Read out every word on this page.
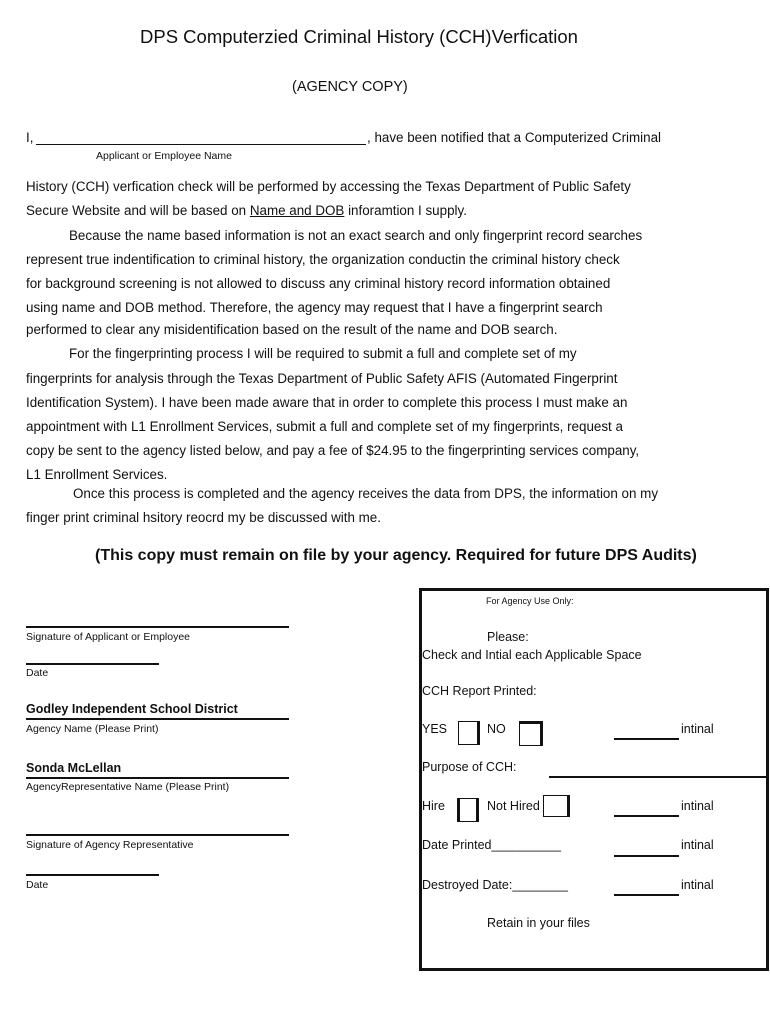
DPS Computerzied Criminal History (CCH)Verfication
(AGENCY COPY)
I,	, have been notified that a Computerized Criminal
Applicant or Employee Name
History (CCH) verfication check will be performed by accessing the Texas Department of Public Safety
Secure Website and will be based on Name and DOB inforamtion I supply.
Because the name based information is not an exact search and only fingerprint record searches
represent true indentification to criminal history, the organization conductin the criminal history check
for background screening is not allowed to discuss any criminal history record information obtained
using name and DOB method. Therefore, the agency may request that I have a fingerprint search
performed to clear any misidentification based on the result of the name and DOB search.
For the fingerprinting process I will be required to submit a full and complete set of my
fingerprints for analysis through the Texas Department of Public Safety AFIS (Automated Fingerprint
Identification System). I have been made aware that in order to complete this process I must make an
appointment with L1 Enrollment Services, submit a full and complete set of my fingerprints, request a
copy be sent to the agency listed below, and pay a fee of $24.95 to the fingerprinting services company,
L1 Enrollment Services.
Once this process is completed and the agency receives the data from DPS, the information on my
finger print criminal hsitory reocrd my be discussed with me.
(This copy must remain on file by your agency. Required for future DPS Audits)
Signature of Applicant or Employee
Date
Godley Independent School District
Agency Name (Please Print)
Sonda McLellan
AgencyRepresentative Name (Please Print)
Signature of Agency Representative
Date
For Agency Use Only:
Please:
Check and Intial each Applicable Space
CCH Report Printed:
YES	NO	intinal
Purpose of CCH:
Hire	Not Hired	intinal
Date Printed__________	intinal
Destroyed Date:________	intinal
Retain in your files
